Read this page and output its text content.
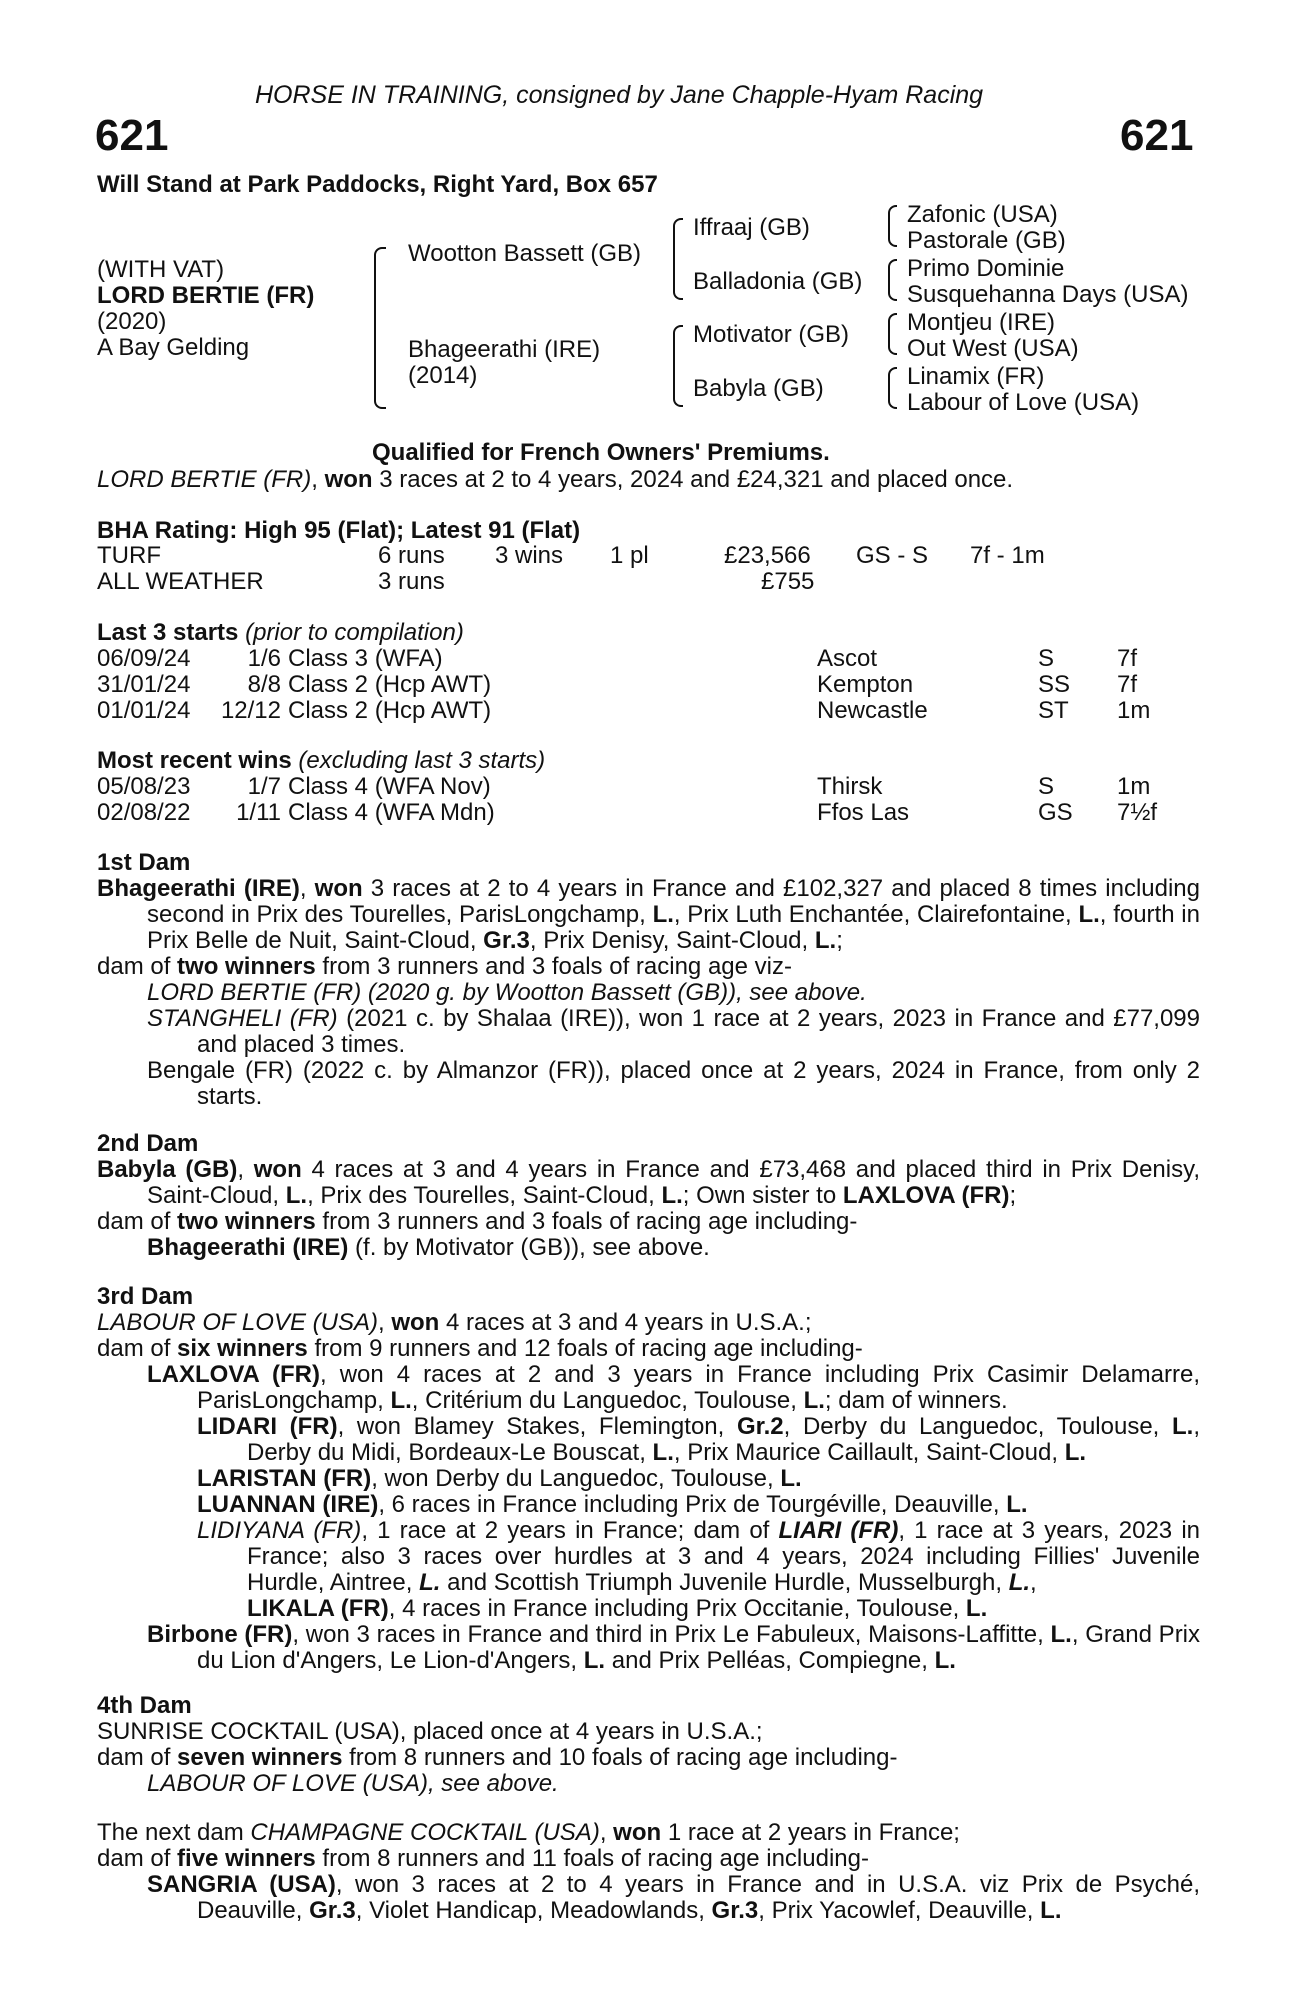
HORSE IN TRAINING, consigned by Jane Chapple-Hyam Racing
621	621
Will Stand at Park Paddocks, Right Yard, Box 657
(WITH VAT)
LORD BERTIE (FR)
(2020)
A Bay Gelding
Wootton Bassett (GB)
Bhageerathi (IRE)
(2014)
Iffraaj (GB)
Balladonia (GB)
Motivator (GB)
Babyla (GB)
Zafonic (USA)
Pastorale (GB)
Primo Dominie
Susquehanna Days (USA)
Montjeu (IRE)
Out West (USA)
Linamix (FR)
Labour of Love (USA)
Qualified for French Owners' Premiums.
LORD BERTIE (FR), won 3 races at 2 to 4 years, 2024 and £24,321 and placed once.
BHA Rating: High 95 (Flat); Latest 91 (Flat)
TURF	6 runs 3 wins 1 pl	£23,566 GS - S 7f - 1m
ALL WEATHER	3 runs	£755
Last 3 starts (prior to compilation)
06/09/24	1/6 Class 3 (WFA)	Ascot	S	7f
31/01/24	8/8 Class 2 (Hcp AWT)	Kempton	SS 7f
01/01/24 12/12 Class 2 (Hcp AWT)	Newcastle	ST 1m
Most recent wins (excluding last 3 starts)
05/08/23	1/7 Class 4 (WFA Nov)	Thirsk	S	1m
02/08/22	1/11 Class 4 (WFA Mdn)	Ffos Las	GS 7½f

1st Dam

Bhageerathi (IRE), won 3 races at 2 to 4 years in France and £102,327 and placed 8 times including second in Prix des Tourelles, ParisLongchamp, L., Prix Luth Enchantée, Clairefontaine, L., fourth in Prix Belle de Nuit, Saint-Cloud, Gr.3, Prix Denisy, Saint-Cloud, L.;

dam of two winners from 3 runners and 3 foals of racing age viz-

LORD BERTIE (FR) (2020 g. by Wootton Bassett (GB)), see above.

STANGHELI (FR) (2021 c. by Shalaa (IRE)), won 1 race at 2 years, 2023 in France and £77,099 and placed 3 times.

Bengale (FR) (2022 c. by Almanzor (FR)), placed once at 2 years, 2024 in France, from only 2 starts.

2nd Dam

Babyla (GB), won 4 races at 3 and 4 years in France and £73,468 and placed third in Prix Denisy, Saint-Cloud, L., Prix des Tourelles, Saint-Cloud, L.; Own sister to LAXLOVA (FR);

dam of two winners from 3 runners and 3 foals of racing age including-

Bhageerathi (IRE) (f. by Motivator (GB)), see above.

3rd Dam

LABOUR OF LOVE (USA), won 4 races at 3 and 4 years in U.S.A.;

dam of six winners from 9 runners and 12 foals of racing age including-

LAXLOVA (FR), won 4 races at 2 and 3 years in France including Prix Casimir Delamarre, ParisLongchamp, L., Critérium du Languedoc, Toulouse, L.; dam of winners.

LIDARI (FR), won Blamey Stakes, Flemington, Gr.2, Derby du Languedoc, Toulouse, L., Derby du Midi, Bordeaux-Le Bouscat, L., Prix Maurice Caillault, Saint-Cloud, L.

LARISTAN (FR), won Derby du Languedoc, Toulouse, L.

LUANNAN (IRE), 6 races in France including Prix de Tourgéville, Deauville, L.

LIDIYANA (FR), 1 race at 2 years in France; dam of LIARI (FR), 1 race at 3 years, 2023 in France; also 3 races over hurdles at 3 and 4 years, 2024 including Fillies' Juvenile Hurdle, Aintree, L. and Scottish Triumph Juvenile Hurdle, Musselburgh, L.,

LIKALA (FR), 4 races in France including Prix Occitanie, Toulouse, L.

Birbone (FR), won 3 races in France and third in Prix Le Fabuleux, Maisons-Laffitte, L., Grand Prix du Lion d'Angers, Le Lion-d'Angers, L. and Prix Pelléas, Compiegne, L.

4th Dam

SUNRISE COCKTAIL (USA), placed once at 4 years in U.S.A.;

dam of seven winners from 8 runners and 10 foals of racing age including-

LABOUR OF LOVE (USA), see above.

The next dam CHAMPAGNE COCKTAIL (USA), won 1 race at 2 years in France;

dam of five winners from 8 runners and 11 foals of racing age including-

SANGRIA (USA), won 3 races at 2 to 4 years in France and in U.S.A. viz Prix de Psyché, Deauville, Gr.3, Violet Handicap, Meadowlands, Gr.3, Prix Yacowlef, Deauville, L.
